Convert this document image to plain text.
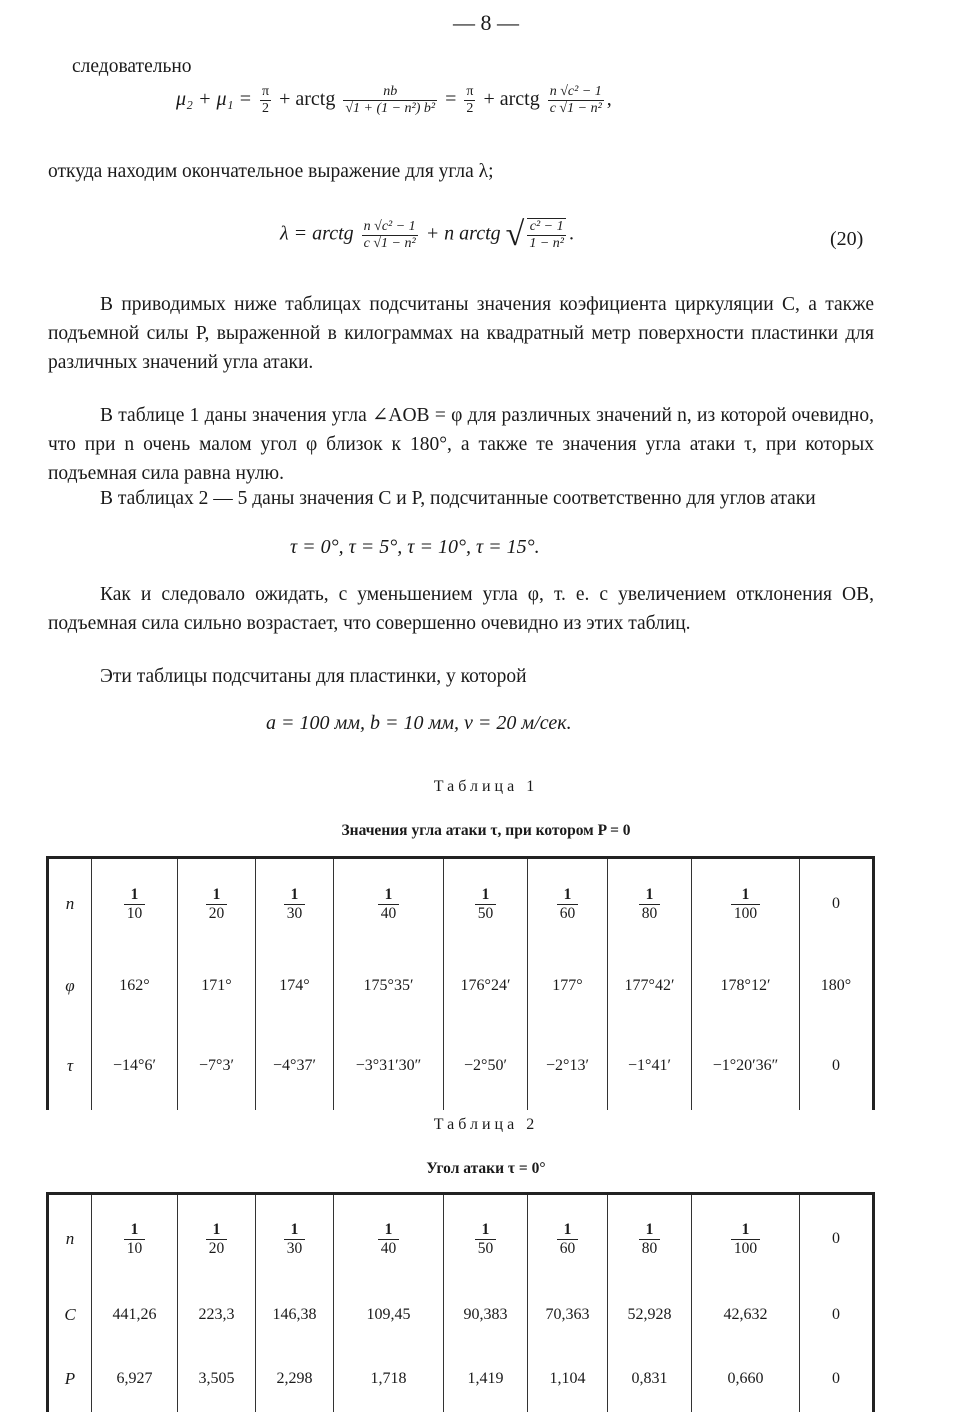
— 8 —
следовательно
$\mu_2 + \mu_1 = \frac{\pi}{2}$ + arctg $\frac{nb}{\text{√1 + (1 − n²) b²}} = \frac{\pi}{2}$ + arctg $\frac{\text{n √c² − 1}}{\text{c √1 − n²}}$ ,
откуда находим окончательное выражение для угла λ;
λ = arctg $\frac{\text{n √c² − 1}}{\text{c √1 − n²}} + n$ arctg √ $\frac{\text{c² − 1}}{\text{1 − n²}}$ .	(20)
В приводимых ниже таблицах подсчитаны значения коэфициента циркуляции C, а также подъемной силы P, выраженной в килограммах на квадратный метр поверхности пластинки для различных значений угла атаки.
В таблице 1 даны значения угла ∠AOB = φ для различных значений n, из которой очевидно, что при n очень малом угол φ близок к 180°, а также те значения угла атаки τ, при которых подъемная сила равна нулю.
В таблицах 2 — 5 даны значения C и P, подсчитанные соответственно для углов атаки
τ = 0°, τ = 5°, τ = 10°, τ = 15°.
Как и следовало ожидать, с уменьшением угла φ, т. е. с увеличением отклонения OB, подъемная сила сильно возрастает, что совершенно очевидно из этих таблиц.
Эти таблицы подсчитаны для пластинки, у которой
a = 100 мм, b = 10 мм, v = 20 м/сек.
Таблица 1
Значения угла атаки τ, при котором P = 0
n	$\frac{1}{10}$	$\frac{1}{20}$	$\frac{1}{30}$	$\frac{1}{40}$	$\frac{1}{50}$	$\frac{1}{60}$	$\frac{1}{80}$	$\frac{1}{100}$	0
φ	162°	171°	174°	175°35′	176°24′	177°	177°42′	178°12′	180°
τ	−14°6′	−7°3′	−4°37′	−3°31′30″	−2°50′	−2°13′	−1°41′	−1°20′36″	0
Таблица 2
Угол атаки τ = 0°
n	$\frac{1}{10}$	$\frac{1}{20}$	$\frac{1}{30}$	$\frac{1}{40}$	$\frac{1}{50}$	$\frac{1}{60}$	$\frac{1}{80}$	$\frac{1}{100}$	0
C	441,26	223,3	146,38	109,45	90,383	70,363	52,928	42,632	0
P	6,927	3,505	2,298	1,718	1,419	1,104	0,831	0,660	0
